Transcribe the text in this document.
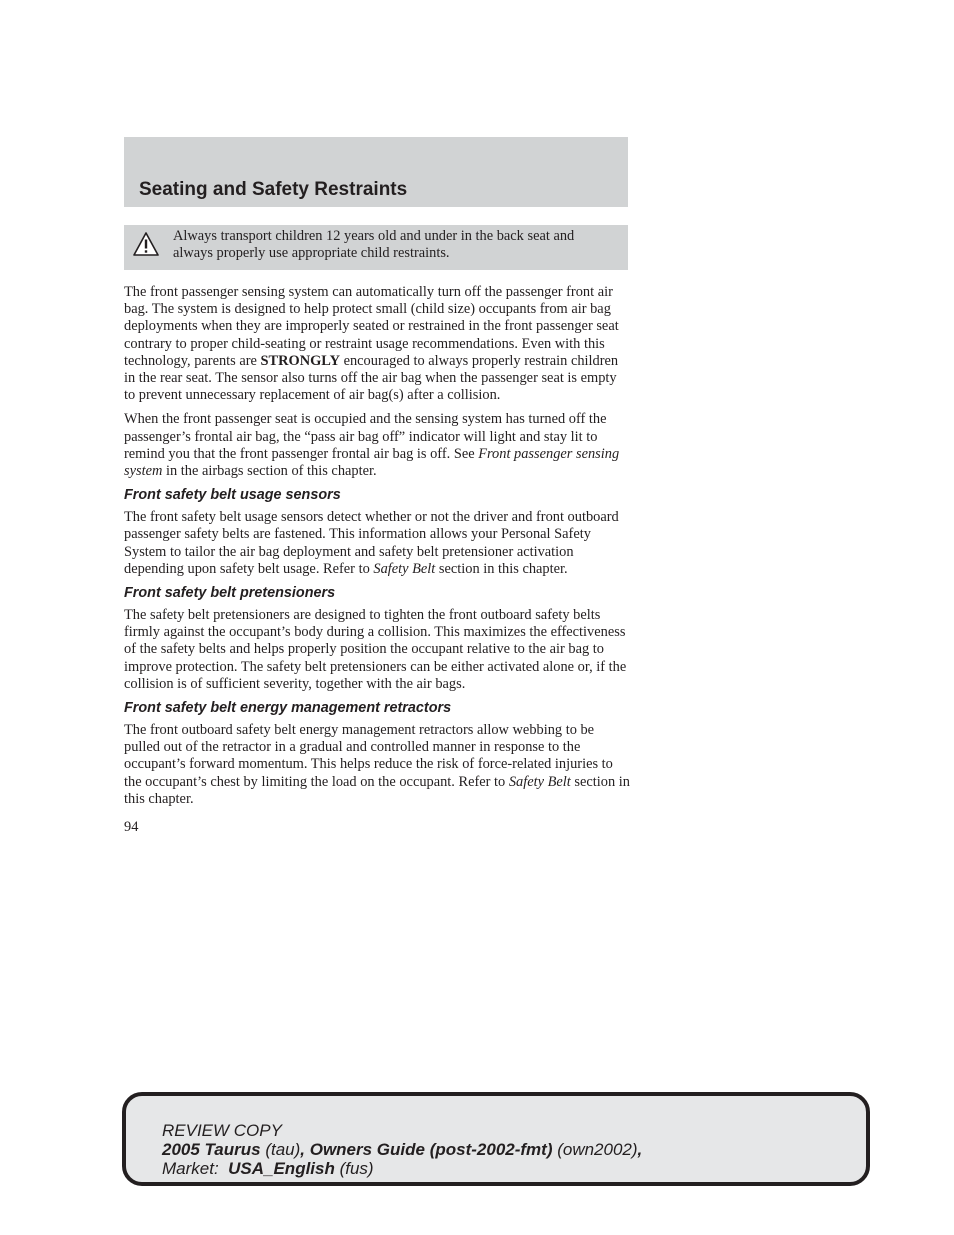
Seating and Safety Restraints

Always transport children 12 years old and under in the back seat and always properly use appropriate child restraints.

The front passenger sensing system can automatically turn off the passenger front air bag. The system is designed to help protect small (child size) occupants from air bag deployments when they are improperly seated or restrained in the front passenger seat contrary to proper child-seating or restraint usage recommendations. Even with this technology, parents are STRONGLY encouraged to always properly restrain children in the rear seat. The sensor also turns off the air bag when the passenger seat is empty to prevent unnecessary replacement of air bag(s) after a collision.

When the front passenger seat is occupied and the sensing system has turned off the passenger’s frontal air bag, the “pass air bag off” indicator will light and stay lit to remind you that the front passenger frontal air bag is off. See Front passenger sensing system in the airbags section of this chapter.

Front safety belt usage sensors

The front safety belt usage sensors detect whether or not the driver and front outboard passenger safety belts are fastened. This information allows your Personal Safety System to tailor the air bag deployment and safety belt pretensioner activation depending upon safety belt usage. Refer to Safety Belt section in this chapter.

Front safety belt pretensioners

The safety belt pretensioners are designed to tighten the front outboard safety belts firmly against the occupant’s body during a collision. This maximizes the effectiveness of the safety belts and helps properly position the occupant relative to the air bag to improve protection. The safety belt pretensioners can be either activated alone or, if the collision is of sufficient severity, together with the air bags.

Front safety belt energy management retractors

The front outboard safety belt energy management retractors allow webbing to be pulled out of the retractor in a gradual and controlled manner in response to the occupant’s forward momentum. This helps reduce the risk of force-related injuries to the occupant’s chest by limiting the load on the occupant. Refer to Safety Belt section in this chapter.

94
REVIEW COPY
2005 Taurus (tau), Owners Guide (post-2002-fmt) (own2002),
Market:  USA_English (fus)
